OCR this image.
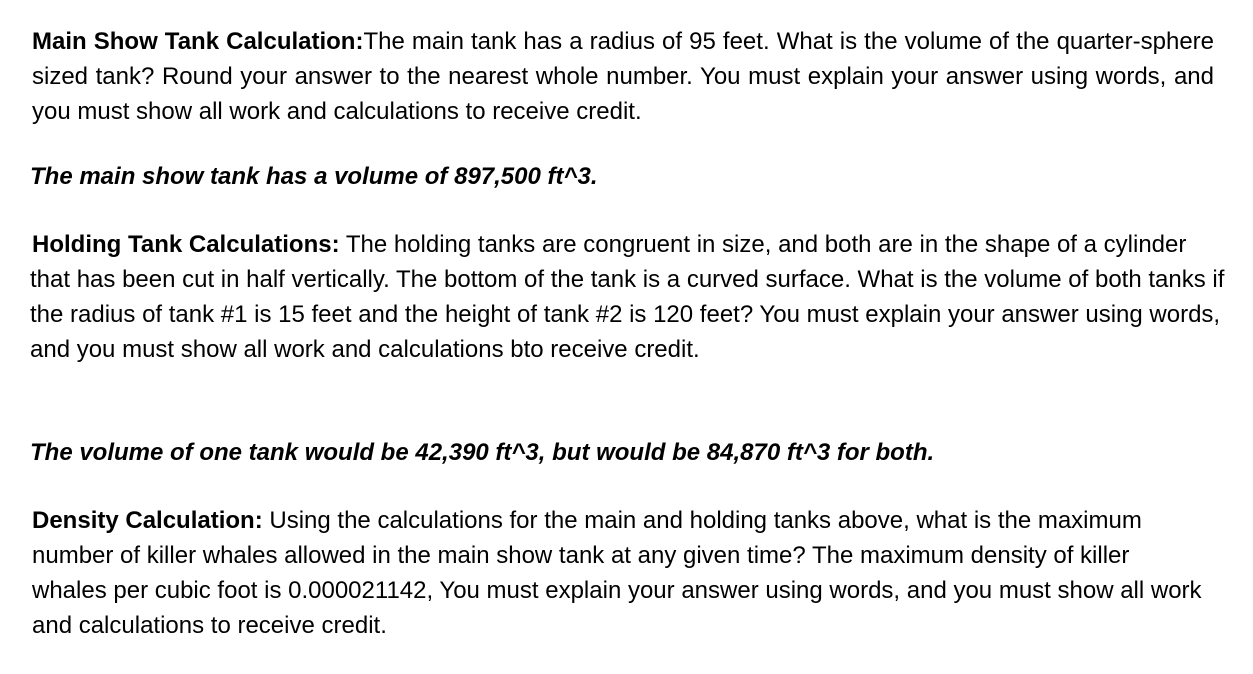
Main Show Tank Calculation:The main tank has a radius of 95 feet. What is the volume of the quarter-sphere sized tank? Round your answer to the nearest whole number. You must explain your answer using words, and you must show all work and calculations to receive credit.

The main show tank has a volume of 897,500 ft^3.

Holding Tank Calculations: The holding tanks are congruent in size, and both are in the shape of a cylinder that has been cut in half vertically. The bottom of the tank is a curved surface. What is the volume of both tanks if the radius of tank #1 is 15 feet and the height of tank #2 is 120 feet? You must explain your answer using words, and you must show all work and calculations bto receive credit.

The volume of one tank would be 42,390 ft^3, but would be 84,870 ft^3 for both.

Density Calculation: Using the calculations for the main and holding tanks above, what is the maximum number of killer whales allowed in the main show tank at any given time? The maximum density of killer whales per cubic foot is 0.000021142, You must explain your answer using words, and you must show all work and calculations to receive credit.
